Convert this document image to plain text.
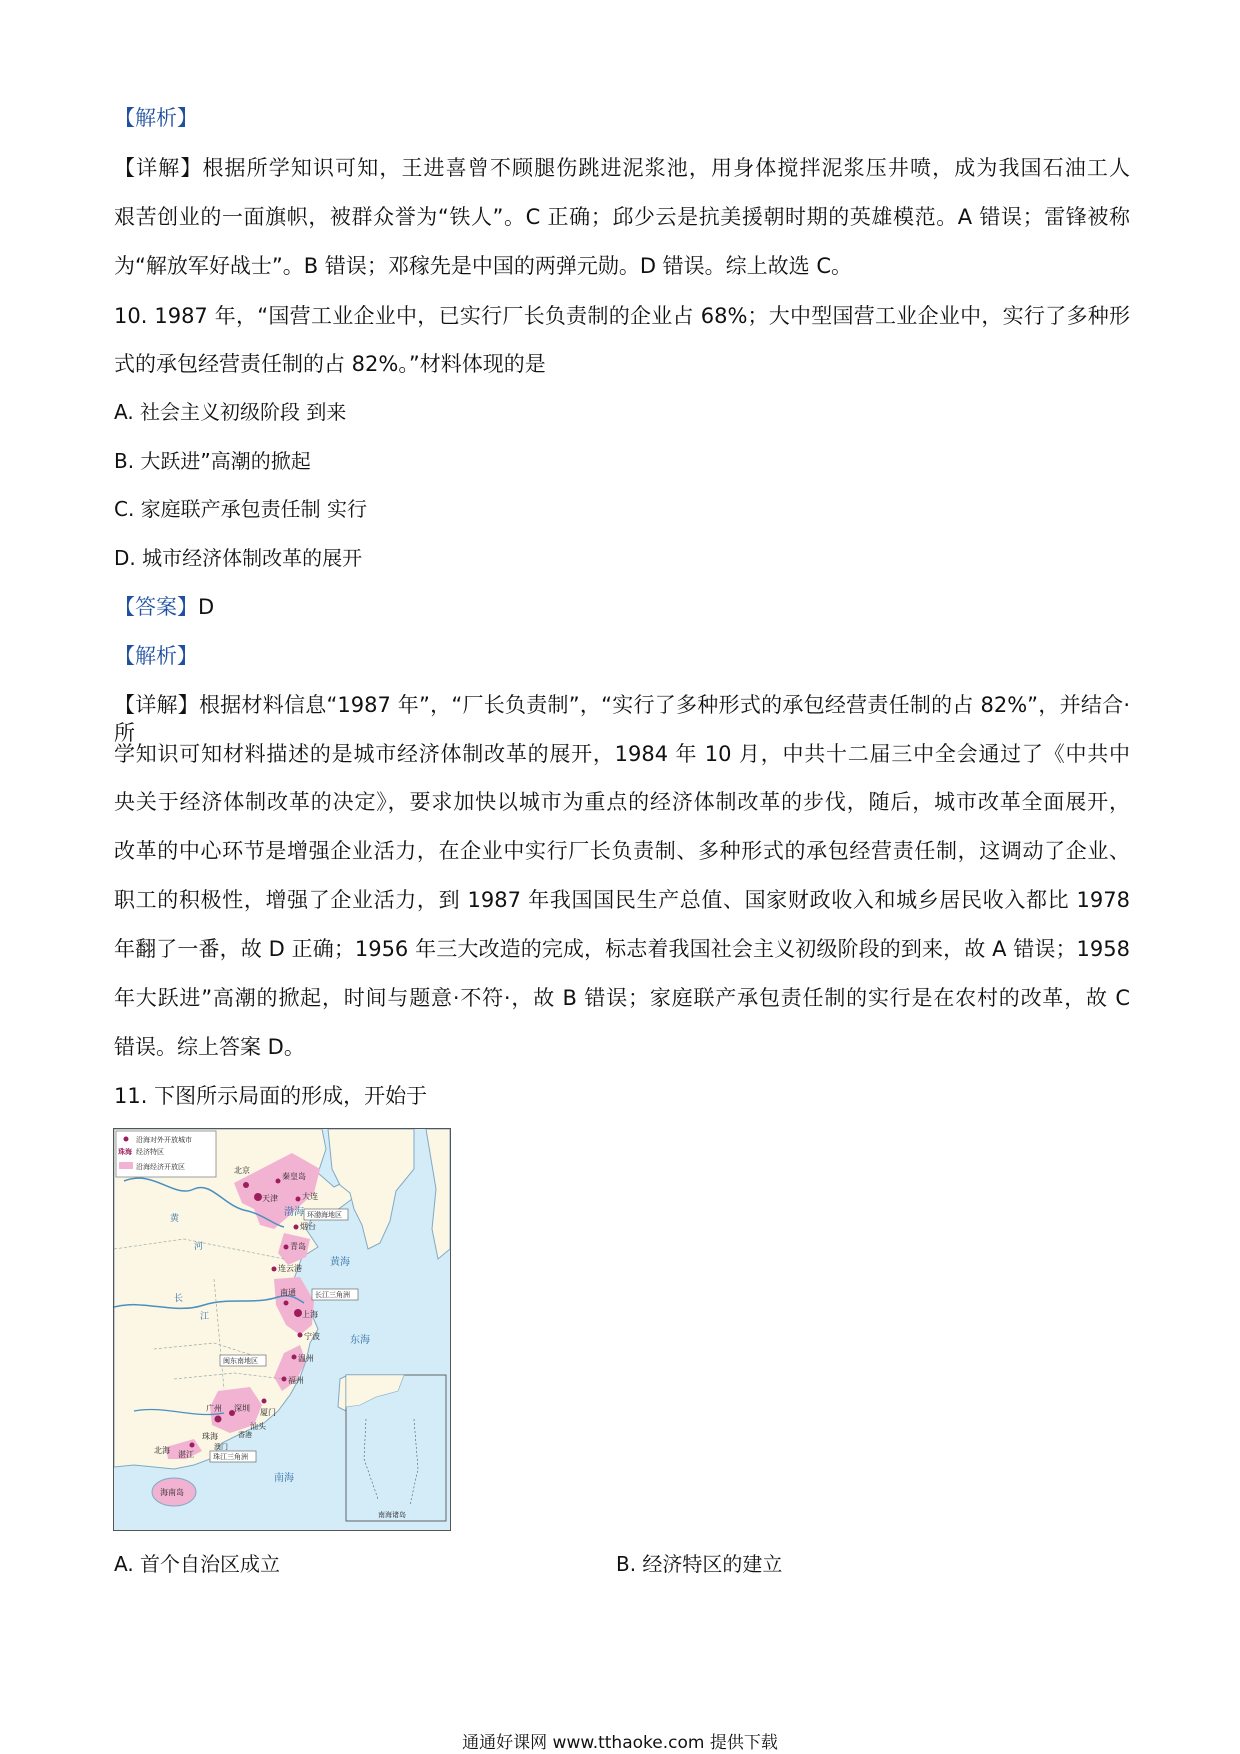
【解析】
【详解】根据所学知识可知，王进喜曾不顾腿伤跳进泥浆池，用身体搅拌泥浆压井喷，成为我国石油工人
艰苦创业的一面旗帜，被群众誉为“铁人”。C 正确；邱少云是抗美援朝时期的英雄模范。A 错误；雷锋被称
为“解放军好战士”。B 错误；邓稼先是中国的两弹元勋。D 错误。综上故选 C。
10. 1987 年，“国营工业企业中，已实行厂长负责制的企业占 68%；大中型国营工业企业中，实行了多种形
式的承包经营责任制的占 82%。”材料体现的是
A. 社会主义初级阶段 到来
B. 大跃进”高潮的掀起
C. 家庭联产承包责任制 实行
D. 城市经济体制改革的展开
【答案】D
【解析】
【详解】根据材料信息“1987 年”，“厂长负责制”，“实行了多种形式的承包经营责任制的占 82%”，并结合·所
学知识可知材料描述的是城市经济体制改革的展开，1984 年 10 月，中共十二届三中全会通过了《中共中
央关于经济体制改革的决定》，要求加快以城市为重点的经济体制改革的步伐，随后，城市改革全面展开，
改革的中心环节是增强企业活力，在企业中实行厂长负责制、多种形式的承包经营责任制，这调动了企业、
职工的积极性，增强了企业活力，到 1987 年我国国民生产总值、国家财政收入和城乡居民收入都比 1978
年翻了一番，故 D 正确；1956 年三大改造的完成，标志着我国社会主义初级阶段的到来，故 A 错误；1958
年大跃进”高潮的掀起，时间与题意·不符·，故 B 错误；家庭联产承包责任制的实行是在农村的改革，故 C
错误。综上答案 D。
11. 下图所示局面的形成，开始于
沿海对外开放城市
珠海 经济特区
沿海经济开放区	北京
天津
秦皇岛
大连
烟台
青岛
连云港
南通
上海
宁波
温州
福州
厦门
汕头
深圳
珠海
广州
湛江
北海
海南岛
香港
澳门
环渤海地区
长江三角洲
闽东南地区
珠江三角洲
渤海
黄海
东海
南海
黄
河
长
江
南海诸岛
A. 首个自治区成立	B. 经济特区的建立
通通好课网 www.tthaoke.com 提供下载
